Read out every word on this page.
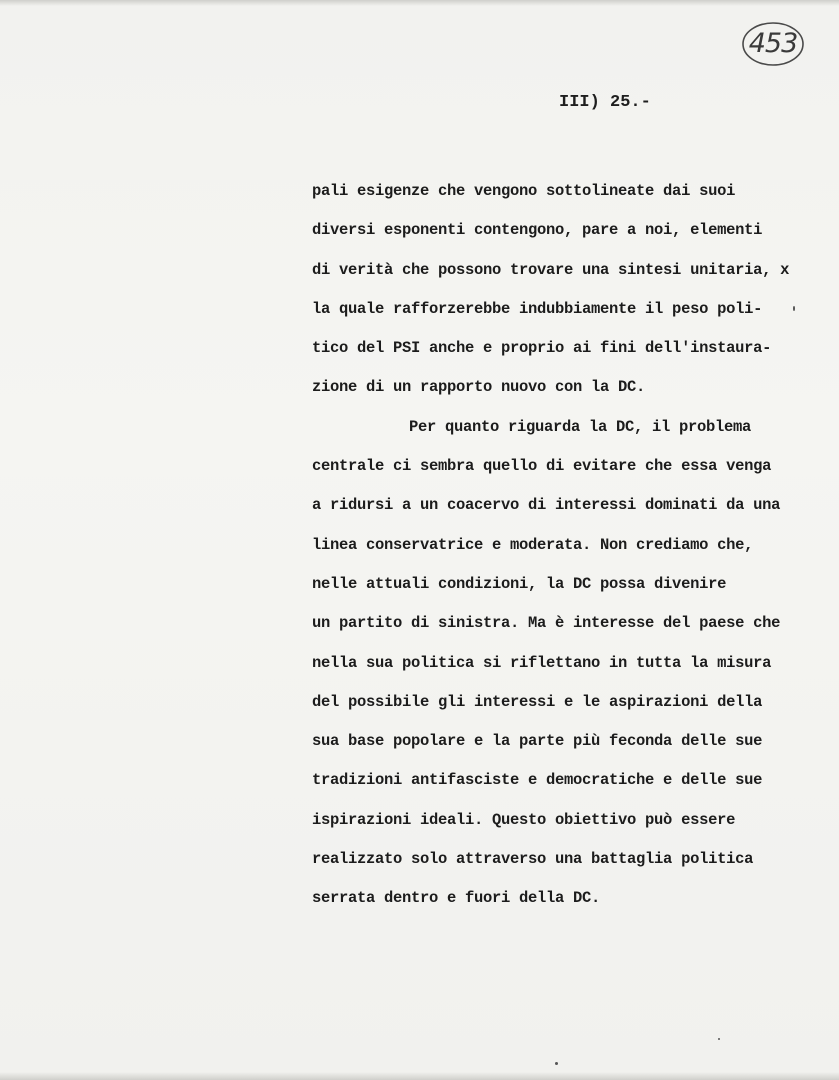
453
III) 25.-
pali esigenze che vengono sottolineate dai suoi
diversi esponenti contengono, pare a noi, elementi
di verità che possono trovare una sintesi unitaria, x
la quale rafforzerebbe indubbiamente il peso poli-
tico del PSI anche e proprio ai fini dell'instaura-
zione di un rapporto nuovo con la DC.
Per quanto riguarda la DC, il problema
centrale ci sembra quello di evitare che essa venga
a ridursi a un coacervo di interessi dominati da una
linea conservatrice e moderata. Non crediamo che,
nelle attuali condizioni, la DC possa divenire
un partito di sinistra. Ma è interesse del paese che
nella sua politica si riflettano in tutta la misura
del possibile gli interessi e le aspirazioni della
sua base popolare e la parte più feconda delle sue
tradizioni antifasciste e democratiche e delle sue
ispirazioni ideali. Questo obiettivo può essere
realizzato solo attraverso una battaglia politica
serrata dentro e fuori della DC.
